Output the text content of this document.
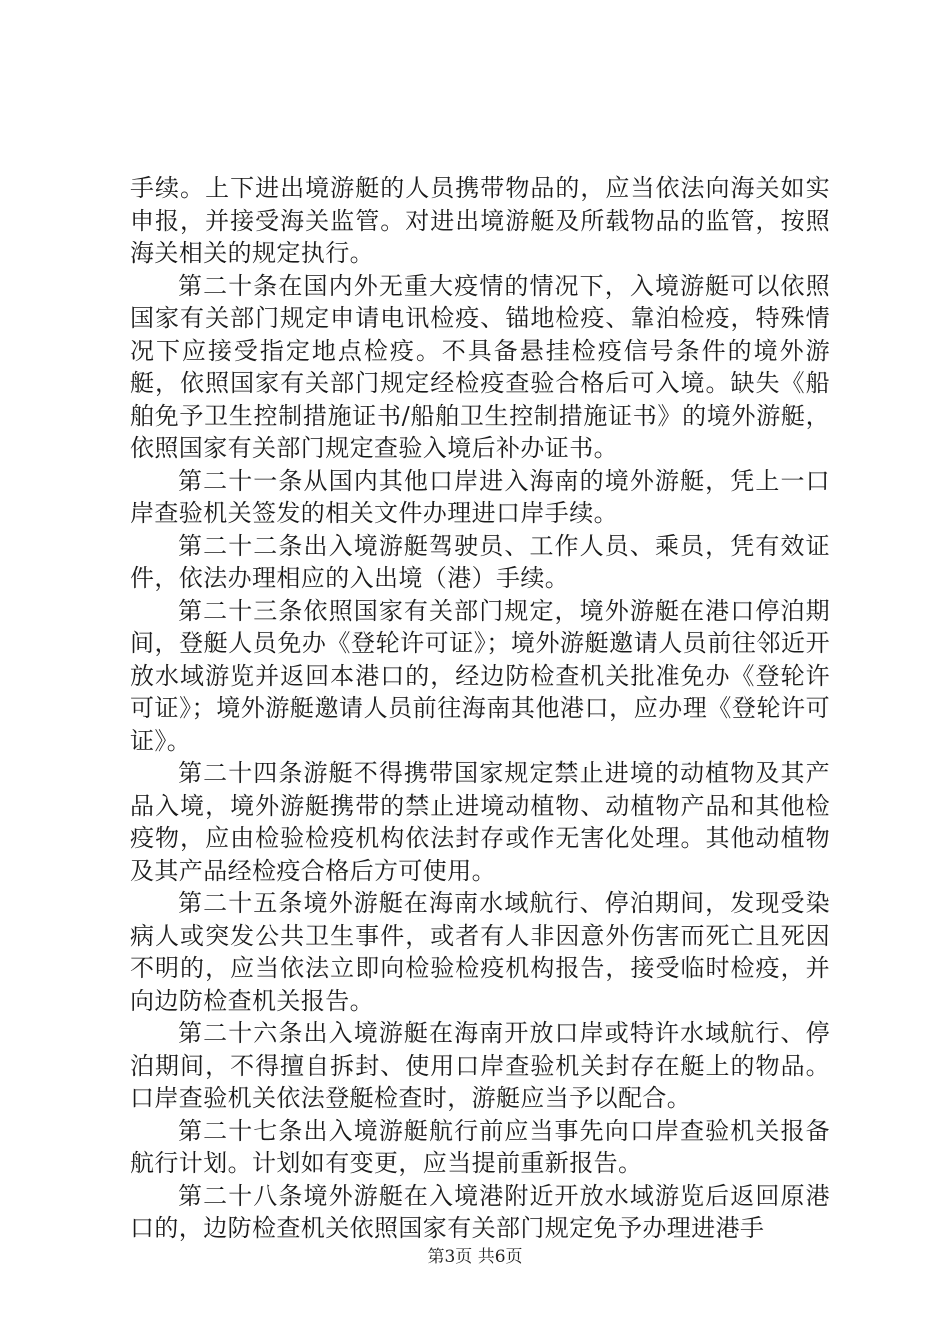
手续。上下进出境游艇的人员携带物品的，应当依法向海关如实申报，并接受海关监管。对进出境游艇及所载物品的监管，按照海关相关的规定执行。

第二十条在国内外无重大疫情的情况下，入境游艇可以依照国家有关部门规定申请电讯检疫、锚地检疫、靠泊检疫，特殊情况下应接受指定地点检疫。不具备悬挂检疫信号条件的境外游艇，依照国家有关部门规定经检疫查验合格后可入境。缺失《船舶免予卫生控制措施证书/船舶卫生控制措施证书》的境外游艇，依照国家有关部门规定查验入境后补办证书。

第二十一条从国内其他口岸进入海南的境外游艇，凭上一口岸查验机关签发的相关文件办理进口岸手续。

第二十二条出入境游艇驾驶员、工作人员、乘员，凭有效证件，依法办理相应的入出境（港）手续。

第二十三条依照国家有关部门规定，境外游艇在港口停泊期间，登艇人员免办《登轮许可证》；境外游艇邀请人员前往邻近开放水域游览并返回本港口的，经边防检查机关批准免办《登轮许可证》；境外游艇邀请人员前往海南其他港口，应办理《登轮许可证》。

第二十四条游艇不得携带国家规定禁止进境的动植物及其产品入境，境外游艇携带的禁止进境动植物、动植物产品和其他检疫物，应由检验检疫机构依法封存或作无害化处理。其他动植物及其产品经检疫合格后方可使用。

第二十五条境外游艇在海南水域航行、停泊期间，发现受染病人或突发公共卫生事件，或者有人非因意外伤害而死亡且死因不明的，应当依法立即向检验检疫机构报告，接受临时检疫，并向边防检查机关报告。

第二十六条出入境游艇在海南开放口岸或特许水域航行、停泊期间，不得擅自拆封、使用口岸查验机关封存在艇上的物品。口岸查验机关依法登艇检查时，游艇应当予以配合。

第二十七条出入境游艇航行前应当事先向口岸查验机关报备航行计划。计划如有变更，应当提前重新报告。

第二十八条境外游艇在入境港附近开放水域游览后返回原港口的，边防检查机关依照国家有关部门规定免予办理进港手

第3页 共6页
